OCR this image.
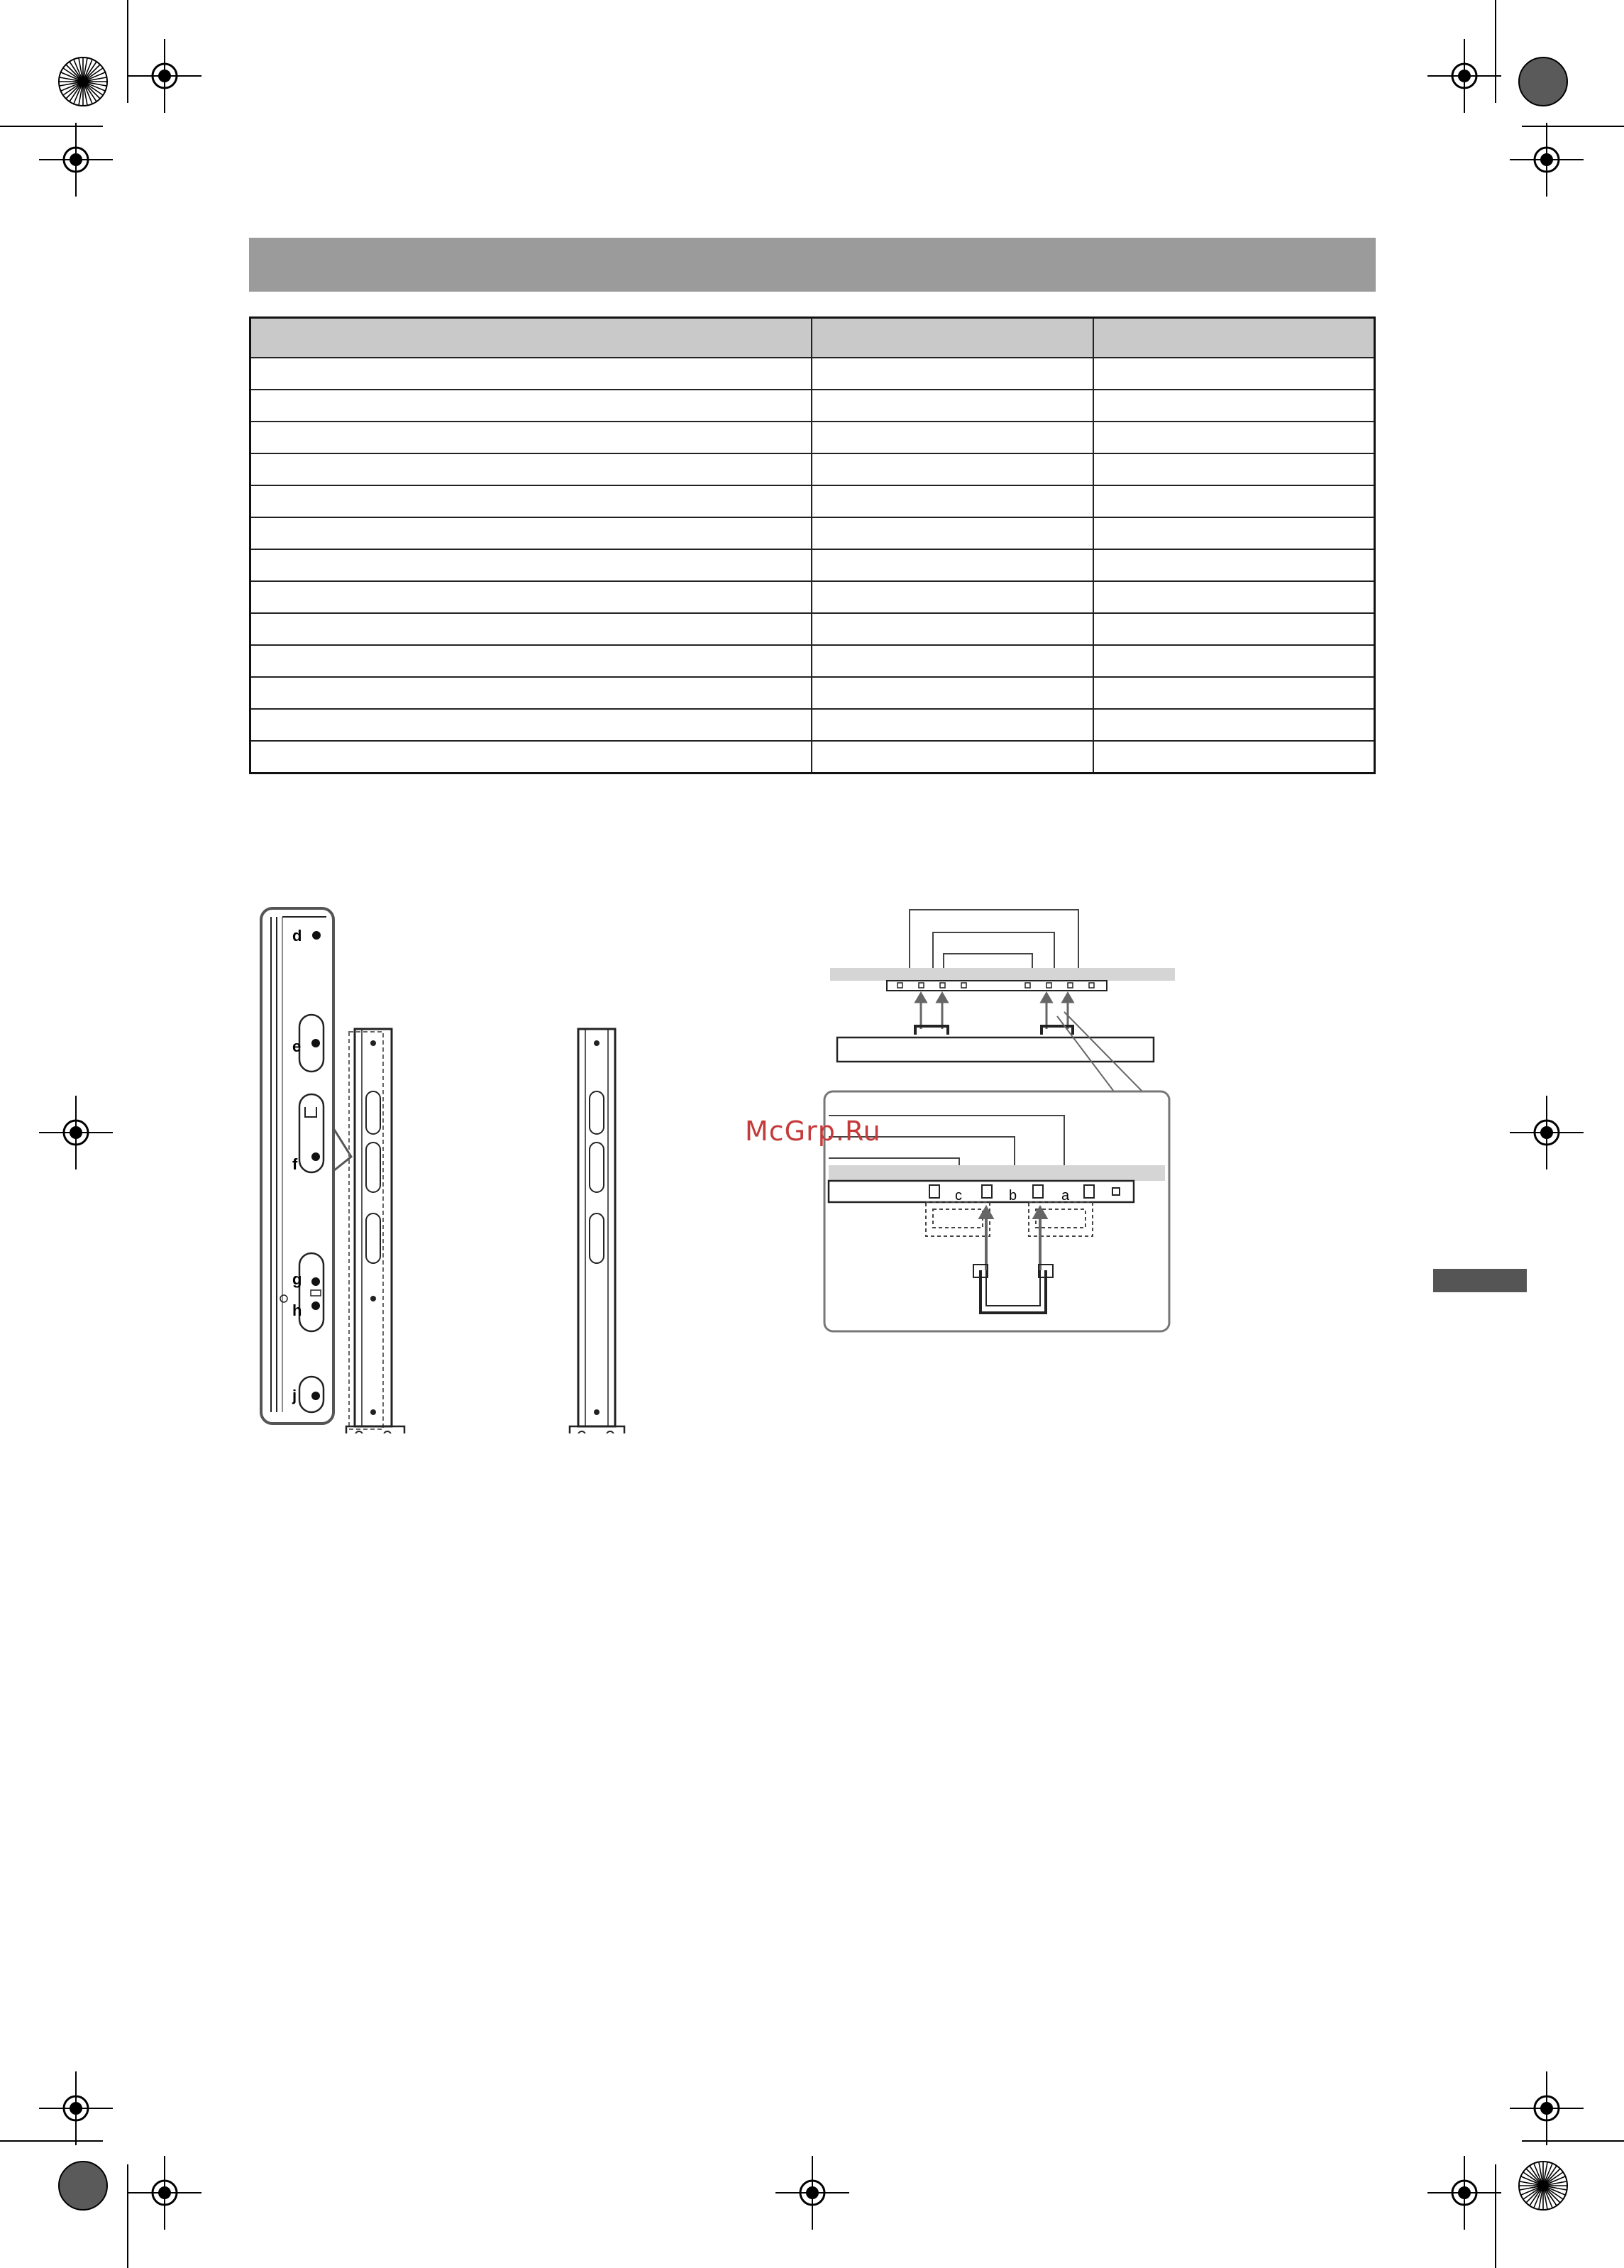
d
e
f
g
h
j
c	b	a
McGrp.Ru
